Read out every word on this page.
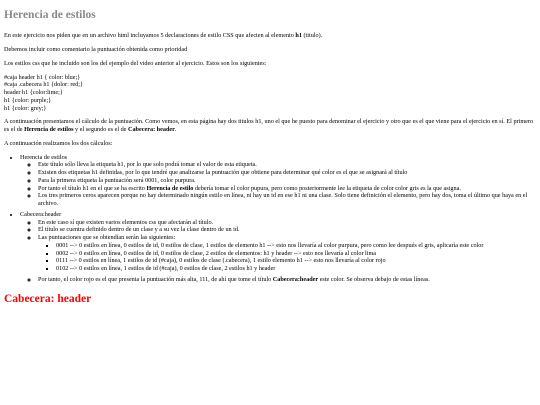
Herencia de estilos

En este ejercicio nos piden que en un archivo html incluyamos 5 declaraciones de estilo CSS que afecten al elemento h1 (titulo).

Debemos incluir como comentario la puntuación obtenida como prioridad

Los estilos css que he incluido son los del ejemplo del video anterior al ejercicio. Estos son los siguientes:

#caja header h1 { color: blue;}

#caja .cabecera h1 {dolor: red;}

header h1 {color:lime;}

h1 {color: purple;}

h1 {color: grey;}

A continuación presentamos el cálculo de la puntuación. Como vemos, en esta página hay dos titulos h1, uno el que he puesto para denominar el ejercicio y otro que es el que viene para el ejercicio en sí. El primero es el de Herencia de estilos y el segundo es el de Cabecera: header.

A continuación realizamos los dos cálculos:

• Herencia de estilos
◦ Este título sólo lleva la etiqueta h1, por lo que solo podrá tomar el valor de esta etiqueta.
◦ Existen dos etiquetas h1 definidas, por lo que tendré que analizarse la puntuación que obtiene para determinar qué color es el que se asignará al título
◦ Para la primera etiqueta la puntuación será 0001, color purpura.
◦ Por tanto el título h1 en el que se ha escrito Herencia de estilo debería tomar el color pupura, pero como posteriormente lee la etiqueta de color color gris es la que asigna.
◦ Los tres primeros ceros aparecen porque no hay determinado ningún estilo en línea, ni hay un id en ese h1 ni una clase. Solo tiene definición el elemento, pero hay dos, toma el último que haya en el archivo.
• Cabecera:header
◦ En este caso sí que existen varios elementos css que afectarán al título.
◦ El título se cuentra definido dentro de un clase y a su vez la clase dentro de un id.
◦ Las puntuaciones que se obtendían serán las siguientes:
▪ 0001 --> 0 estilos en línea, 0 estilos de id, 0 estilos de clase, 1 estilos de elemento h1 --> esto nos llevaría al color purpura, pero como lee después el gris, aplicaría este color
▪ 0002 --> 0 estilos en línea, 0 estilos de id, 0 estilos de clase, 2 estilos de elementos: h1 y header --> esto nos llevaría al color lima
▪ 0111 --> 0 estilos en línea, 1 estilos de id (#caja), 0 estilos de clase (.cabecera), 1 estilo elemento h1 --> esto nos llevaría al color rojo
▪ 0102 --> 0 estilos en línea, 1 estilos de id (#caja), 0 estilos de clase, 2 estilos h1 y header
◦ Por tanto, el color rojo es el que presenta la puntuación más alta, 111, de ahí que tome el título Cabecera:header este color. Se observa debajo de estas líneas.
Cabecera: header
